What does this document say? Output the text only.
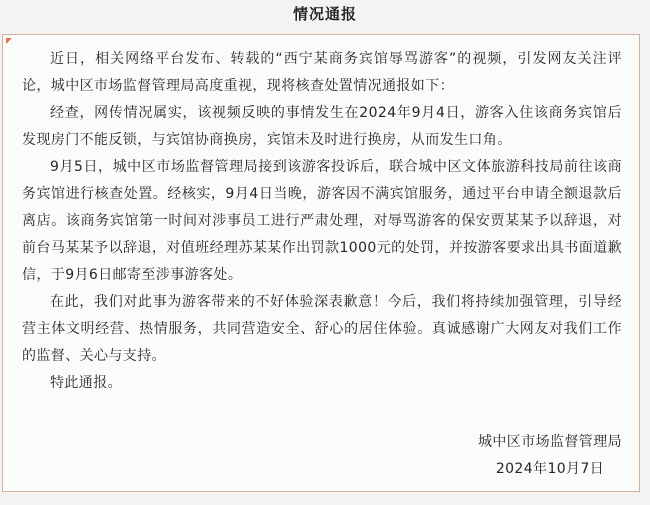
情况通报

近日，相关网络平台发布、转载的“西宁某商务宾馆辱骂游客”的视频，引发网友关注评论，城中区市场监督管理局高度重视，现将核查处置情况通报如下：

经查，网传情况属实，该视频反映的事情发生在2024年9月4日，游客入住该商务宾馆后发现房门不能反锁，与宾馆协商换房，宾馆未及时进行换房，从而发生口角。

9月5日，城中区市场监督管理局接到该游客投诉后，联合城中区文体旅游科技局前往该商务宾馆进行核查处置。经核实，9月4日当晚，游客因不满宾馆服务，通过平台申请全额退款后离店。该商务宾馆第一时间对涉事员工进行严肃处理，对辱骂游客的保安贾某某予以辞退，对前台马某某予以辞退，对值班经理苏某某作出罚款1000元的处罚，并按游客要求出具书面道歉信，于9月6日邮寄至涉事游客处。

在此，我们对此事为游客带来的不好体验深表歉意！今后，我们将持续加强管理，引导经营主体文明经营、热情服务，共同营造安全、舒心的居住体验。真诚感谢广大网友对我们工作的监督、关心与支持。

特此通报。

城中区市场监督管理局
2024年10月7日
